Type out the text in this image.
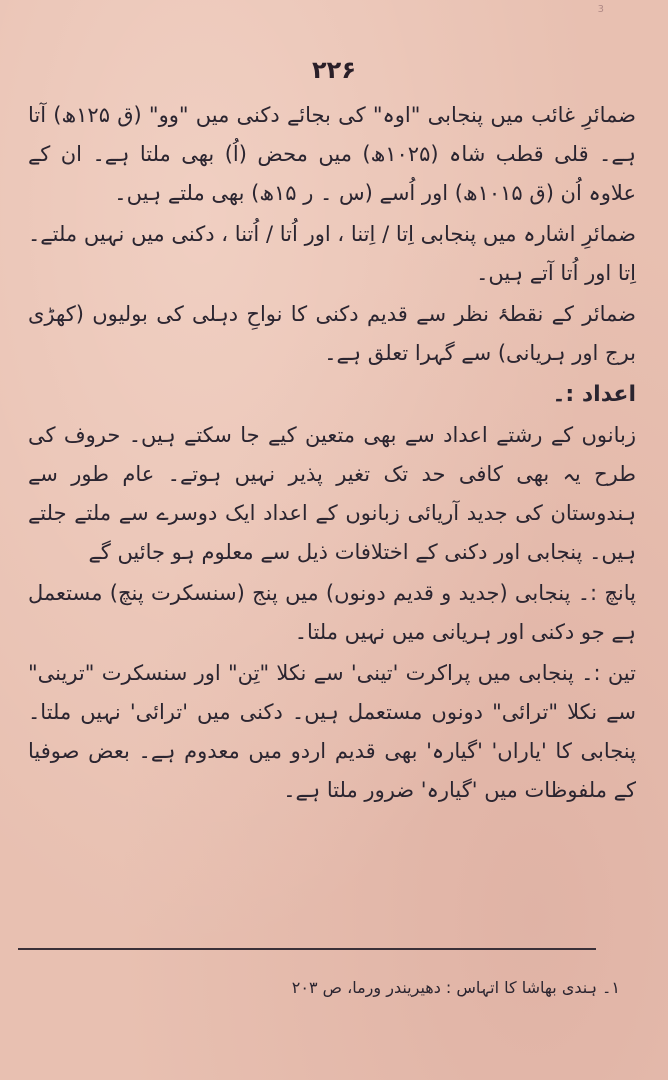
3
۲۲۶

ضمائرِ غائب میں پنجابی "اوہ" کی بجائے دکنی میں "وو" (ق ۱۲۵ھ) آتا ہے۔ قلی قطب شاہ (۱۰۲۵ھ) میں محض (اُ) بھی ملتا ہے۔ ان کے علاوہ اُن (ق ۱۰۱۵ھ) اور اُسے (س ۔ ر ۱۵ھ) بھی ملتے ہیں۔

ضمائرِ اشارہ میں پنجابی اِتا / اِتنا ، اور اُتا / اُتنا ، دکنی میں نہیں ملتے۔ اِتا اور اُتا آتے ہیں۔

ضمائر کے نقطۂ نظر سے قدیم دکنی کا نواحِ دہلی کی بولیوں (کھڑی برج اور ہریانی) سے گہرا تعلق ہے۔

اعداد :۔

زبانوں کے رشتے اعداد سے بھی متعین کیے جا سکتے ہیں۔ حروف کی طرح یہ بھی کافی حد تک تغیر پذیر نہیں ہوتے۔ عام طور سے ہندوستان کی جدید آریائی زبانوں کے اعداد ایک دوسرے سے ملتے جلتے ہیں۔ پنجابی اور دکنی کے اختلافات ذیل سے معلوم ہو جائیں گے

پانچ :۔ پنجابی (جدید و قدیم دونوں) میں پنج (سنسکرت پنچ) مستعمل ہے جو دکنی اور ہریانی میں نہیں ملتا۔

تین :۔ پنجابی میں پراکرت 'تینی' سے نکلا "تِن" اور سنسکرت "ترینی" سے نکلا "ترائی" دونوں مستعمل ہیں۔ دکنی میں 'ترائی' نہیں ملتا۔ پنجابی کا 'یاراں' 'گیارہ' بھی قدیم اردو میں معدوم ہے۔ بعض صوفیا کے ملفوظات میں 'گیارہ' ضرور ملتا ہے۔

۱۔ ہندی بھاشا کا اتہاس : دھیریندر ورما، ص ۲۰۳
